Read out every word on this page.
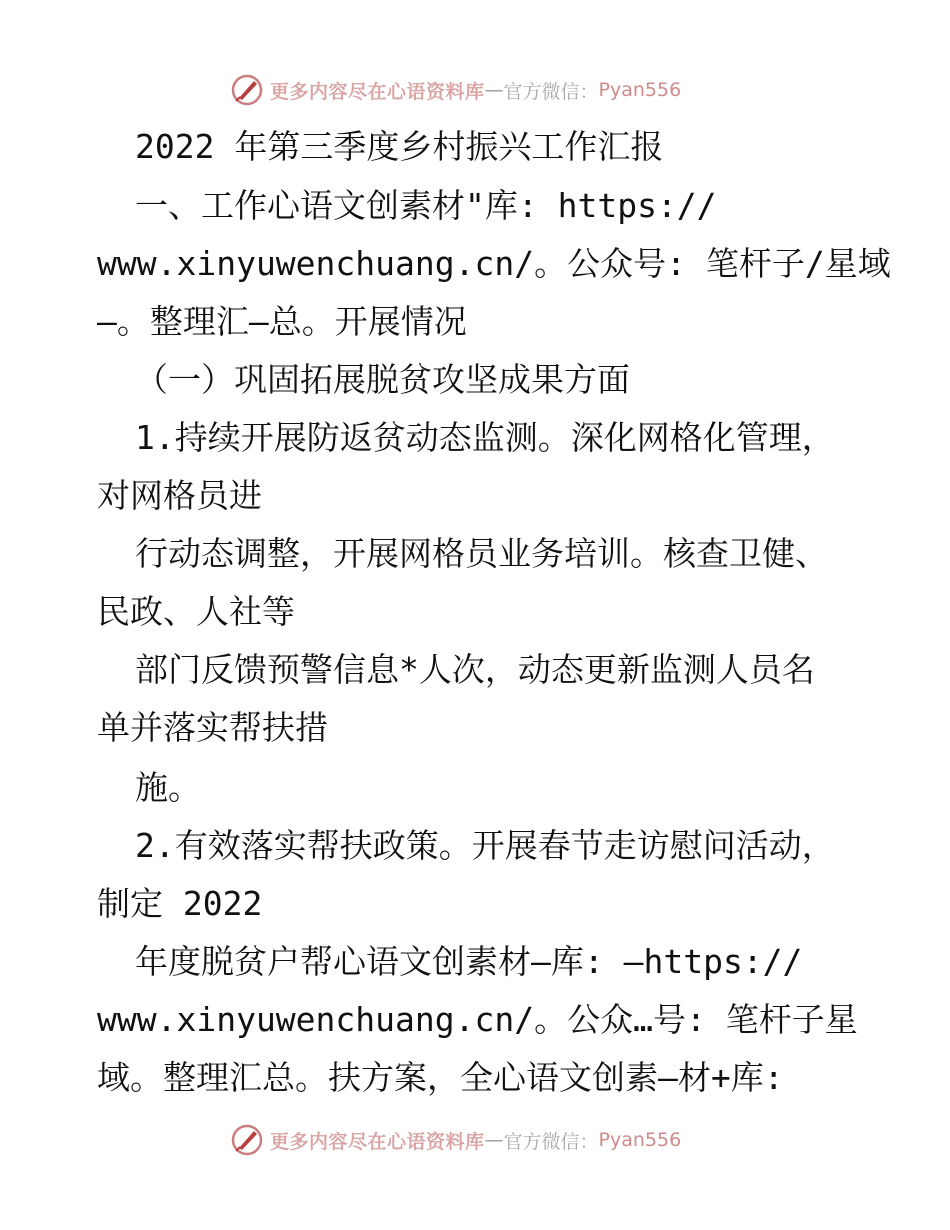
更多内容尽在心语资料库 — 官方微信： Pyan556
2022 年第三季度乡村振兴工作汇报
一、工作心语文创素材"库: https://
www.xinyuwenchuang.cn/。公众号: 笔杆子/星域
—。整理汇—总。开展情况
（一）巩固拓展脱贫攻坚成果方面
1.持续开展防返贫动态监测。深化网格化管理，
对网格员进
行动态调整，开展网格员业务培训。核查卫健、
民政、人社等
部门反馈预警信息*人次，动态更新监测人员名
单并落实帮扶措
施。
2.有效落实帮扶政策。开展春节走访慰问活动，
制定 2022
年度脱贫户帮心语文创素材—库: —https://
www.xinyuwenchuang.cn/。公众…号: 笔杆子星
域。整理汇总。扶方案，全心语文创素—材+库:
更多内容尽在心语资料库 — 官方微信： Pyan556
